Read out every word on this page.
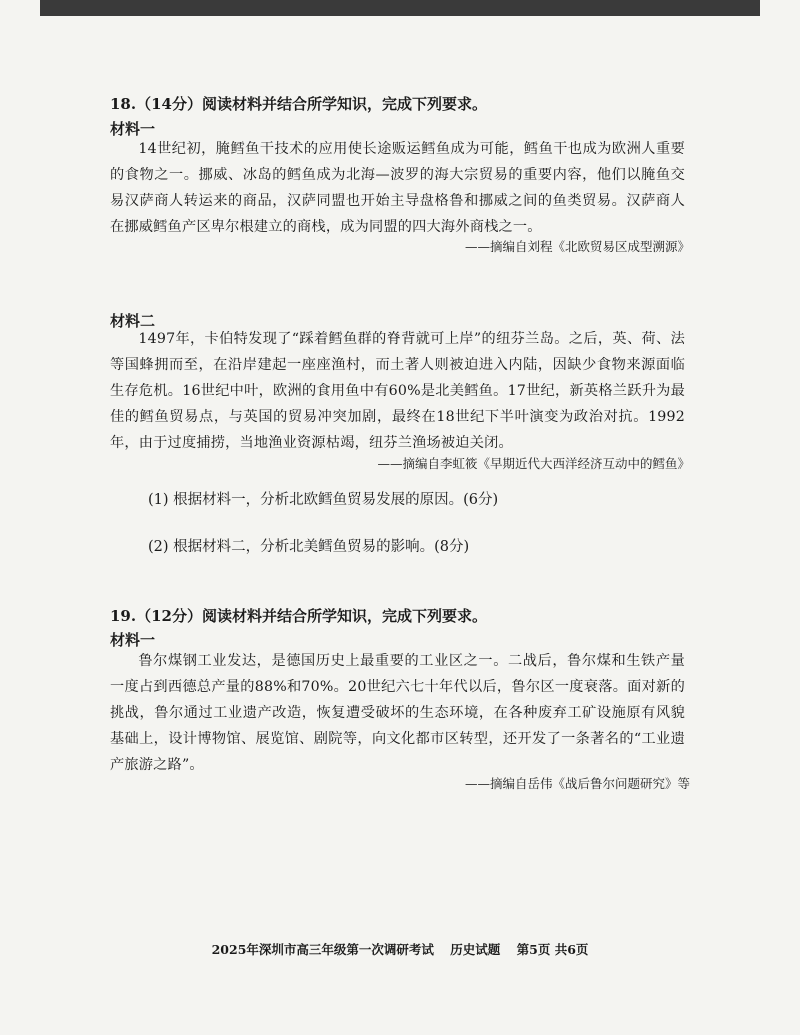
18.（14分）阅读材料并结合所学知识，完成下列要求。
材料一

14世纪初，腌鳕鱼干技术的应用使长途贩运鳕鱼成为可能，鳕鱼干也成为欧洲人重要的食物之一。挪威、冰岛的鳕鱼成为北海—波罗的海大宗贸易的重要内容，他们以腌鱼交易汉萨商人转运来的商品，汉萨同盟也开始主导盘格鲁和挪威之间的鱼类贸易。汉萨商人在挪威鳕鱼产区卑尔根建立的商栈，成为同盟的四大海外商栈之一。

——摘编自刘程《北欧贸易区成型溯源》
材料二

1497年，卡伯特发现了“踩着鳕鱼群的脊背就可上岸”的纽芬兰岛。之后，英、荷、法等国蜂拥而至，在沿岸建起一座座渔村，而土著人则被迫进入内陆，因缺少食物来源面临生存危机。16世纪中叶，欧洲的食用鱼中有60%是北美鳕鱼。17世纪，新英格兰跃升为最佳的鳕鱼贸易点，与英国的贸易冲突加剧，最终在18世纪下半叶演变为政治对抗。1992年，由于过度捕捞，当地渔业资源枯竭，纽芬兰渔场被迫关闭。

——摘编自李虹筱《早期近代大西洋经济互动中的鳕鱼》
(1) 根据材料一，分析北欧鳕鱼贸易发展的原因。(6分)
(2) 根据材料二，分析北美鳕鱼贸易的影响。(8分)
19.（12分）阅读材料并结合所学知识，完成下列要求。
材料一

鲁尔煤钢工业发达，是德国历史上最重要的工业区之一。二战后，鲁尔煤和生铁产量一度占到西德总产量的88%和70%。20世纪六七十年代以后，鲁尔区一度衰落。面对新的挑战，鲁尔通过工业遗产改造，恢复遭受破坏的生态环境，在各种废弃工矿设施原有风貌基础上，设计博物馆、展览馆、剧院等，向文化都市区转型，还开发了一条著名的“工业遗产旅游之路”。

——摘编自岳伟《战后鲁尔问题研究》等
2025年深圳市高三年级第一次调研考试 历史试题 第5页 共6页
